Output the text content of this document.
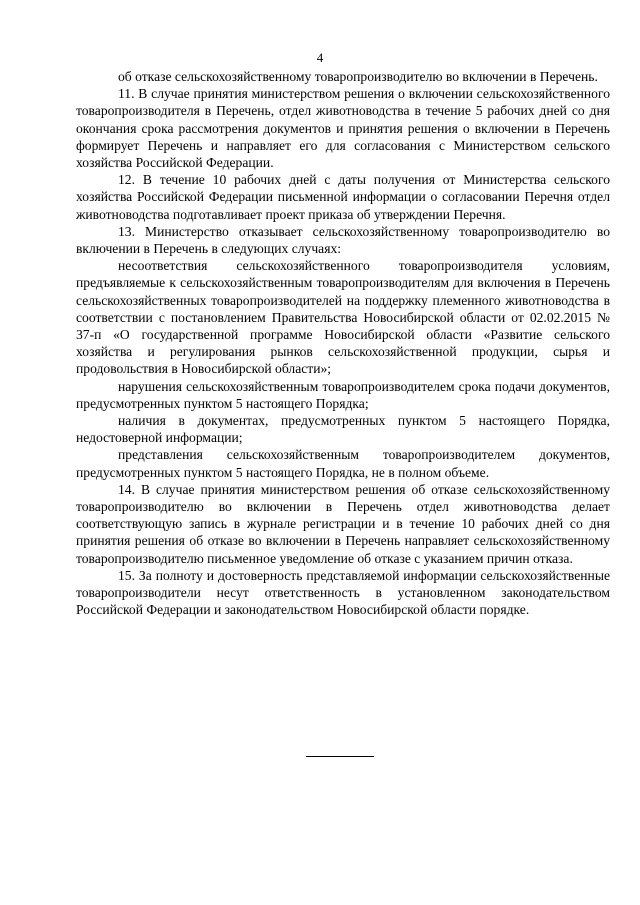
4

об отказе сельскохозяйственному товаропроизводителю во включении в Перечень.

11. В случае принятия министерством решения о включении сельскохозяйственного товаропроизводителя в Перечень, отдел животноводства в течение 5 рабочих дней со дня окончания срока рассмотрения документов и принятия решения о включении в Перечень формирует Перечень и направляет его для согласования с Министерством сельского хозяйства Российской Федерации.

12. В течение 10 рабочих дней с даты получения от Министерства сельского хозяйства Российской Федерации письменной информации о согласовании Перечня отдел животноводства подготавливает проект приказа об утверждении Перечня.

13. Министерство отказывает сельскохозяйственному товаропроизводителю во включении в Перечень в следующих случаях:

несоответствия сельскохозяйственного товаропроизводителя условиям, предъявляемые к сельскохозяйственным товаропроизводителям для включения в Перечень сельскохозяйственных товаропроизводителей на поддержку племенного животноводства в соответствии с постановлением Правительства Новосибирской области от 02.02.2015 № 37-п «О государственной программе Новосибирской области «Развитие сельского хозяйства и регулирования рынков сельскохозяйственной продукции, сырья и продовольствия в Новосибирской области»;

нарушения сельскохозяйственным товаропроизводителем срока подачи документов, предусмотренных пунктом 5 настоящего Порядка;

наличия в документах, предусмотренных пунктом 5 настоящего Порядка, недостоверной информации;

представления сельскохозяйственным товаропроизводителем документов, предусмотренных пунктом 5 настоящего Порядка, не в полном объеме.

14. В случае принятия министерством решения об отказе сельскохозяйственному товаропроизводителю во включении в Перечень отдел животноводства делает соответствующую запись в журнале регистрации и в течение 10 рабочих дней со дня принятия решения об отказе во включении в Перечень направляет сельскохозяйственному товаропроизводителю письменное уведомление об отказе с указанием причин отказа.

15. За полноту и достоверность представляемой информации сельскохозяйственные товаропроизводители несут ответственность в установленном законодательством Российской Федерации и законодательством Новосибирской области порядке.
